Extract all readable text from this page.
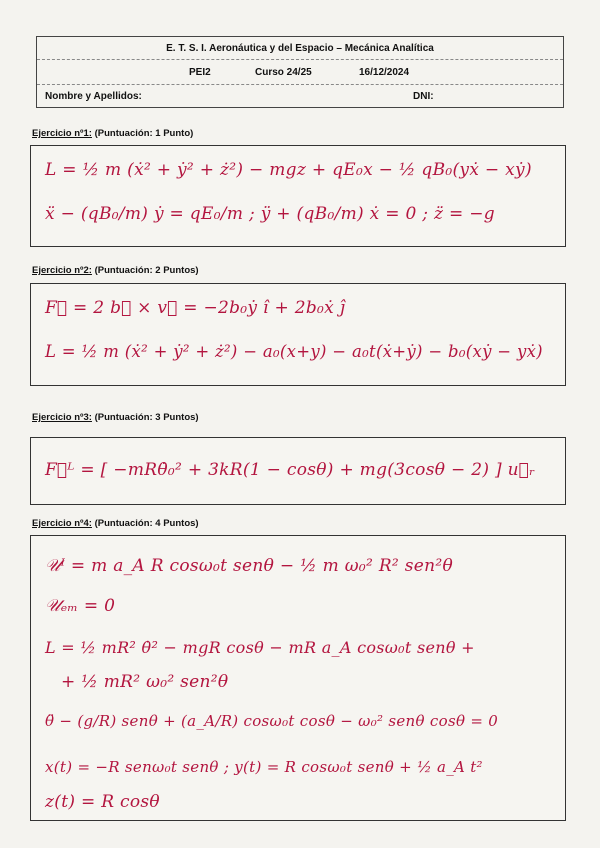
E. T. S. I. Aeronáutica y del Espacio – Mecánica Analítica
PEI2	Curso 24/25	16/12/2024
Nombre y Apellidos:	DNI:
Ejercicio nº1: (Puntuación: 1 Punto)
L = ½ m (ẋ² + ẏ² + ż²) − mgz + qE₀x − ½ qB₀(yẋ − xẏ)
ẍ − (qB₀/m) ẏ = qE₀/m ; ÿ + (qB₀/m) ẋ = 0 ; z̈ = −g
Ejercicio nº2: (Puntuación: 2 Puntos)
F⃗ = 2 b⃗ × v⃗ = −2b₀ẏ î + 2b₀ẋ ĵ
L = ½ m (ẋ² + ẏ² + ż²) − a₀(x+y) − a₀t(ẋ+ẏ) − b₀(xẏ − yẋ)
Ejercicio nº3: (Puntuación: 3 Puntos)
F⃗ᴸ = [ −mRθ̇₀² + 3kR(1 − cosθ) + mg(3cosθ − 2) ] u⃗ᵣ
Ejercicio nº4: (Puntuación: 4 Puntos)
𝒰ᴵ = m a_A R cosω₀t senθ − ½ m ω₀² R² sen²θ
𝒰ₑₘ = 0
L = ½ mR² θ̇² − mgR cosθ − mR a_A cosω₀t senθ +
+ ½ mR² ω₀² sen²θ
θ̈ − (g/R) senθ + (a_A/R) cosω₀t cosθ − ω₀² senθ cosθ = 0
x(t) = −R senω₀t senθ ; y(t) = R cosω₀t senθ + ½ a_A t²
z(t) = R cosθ
